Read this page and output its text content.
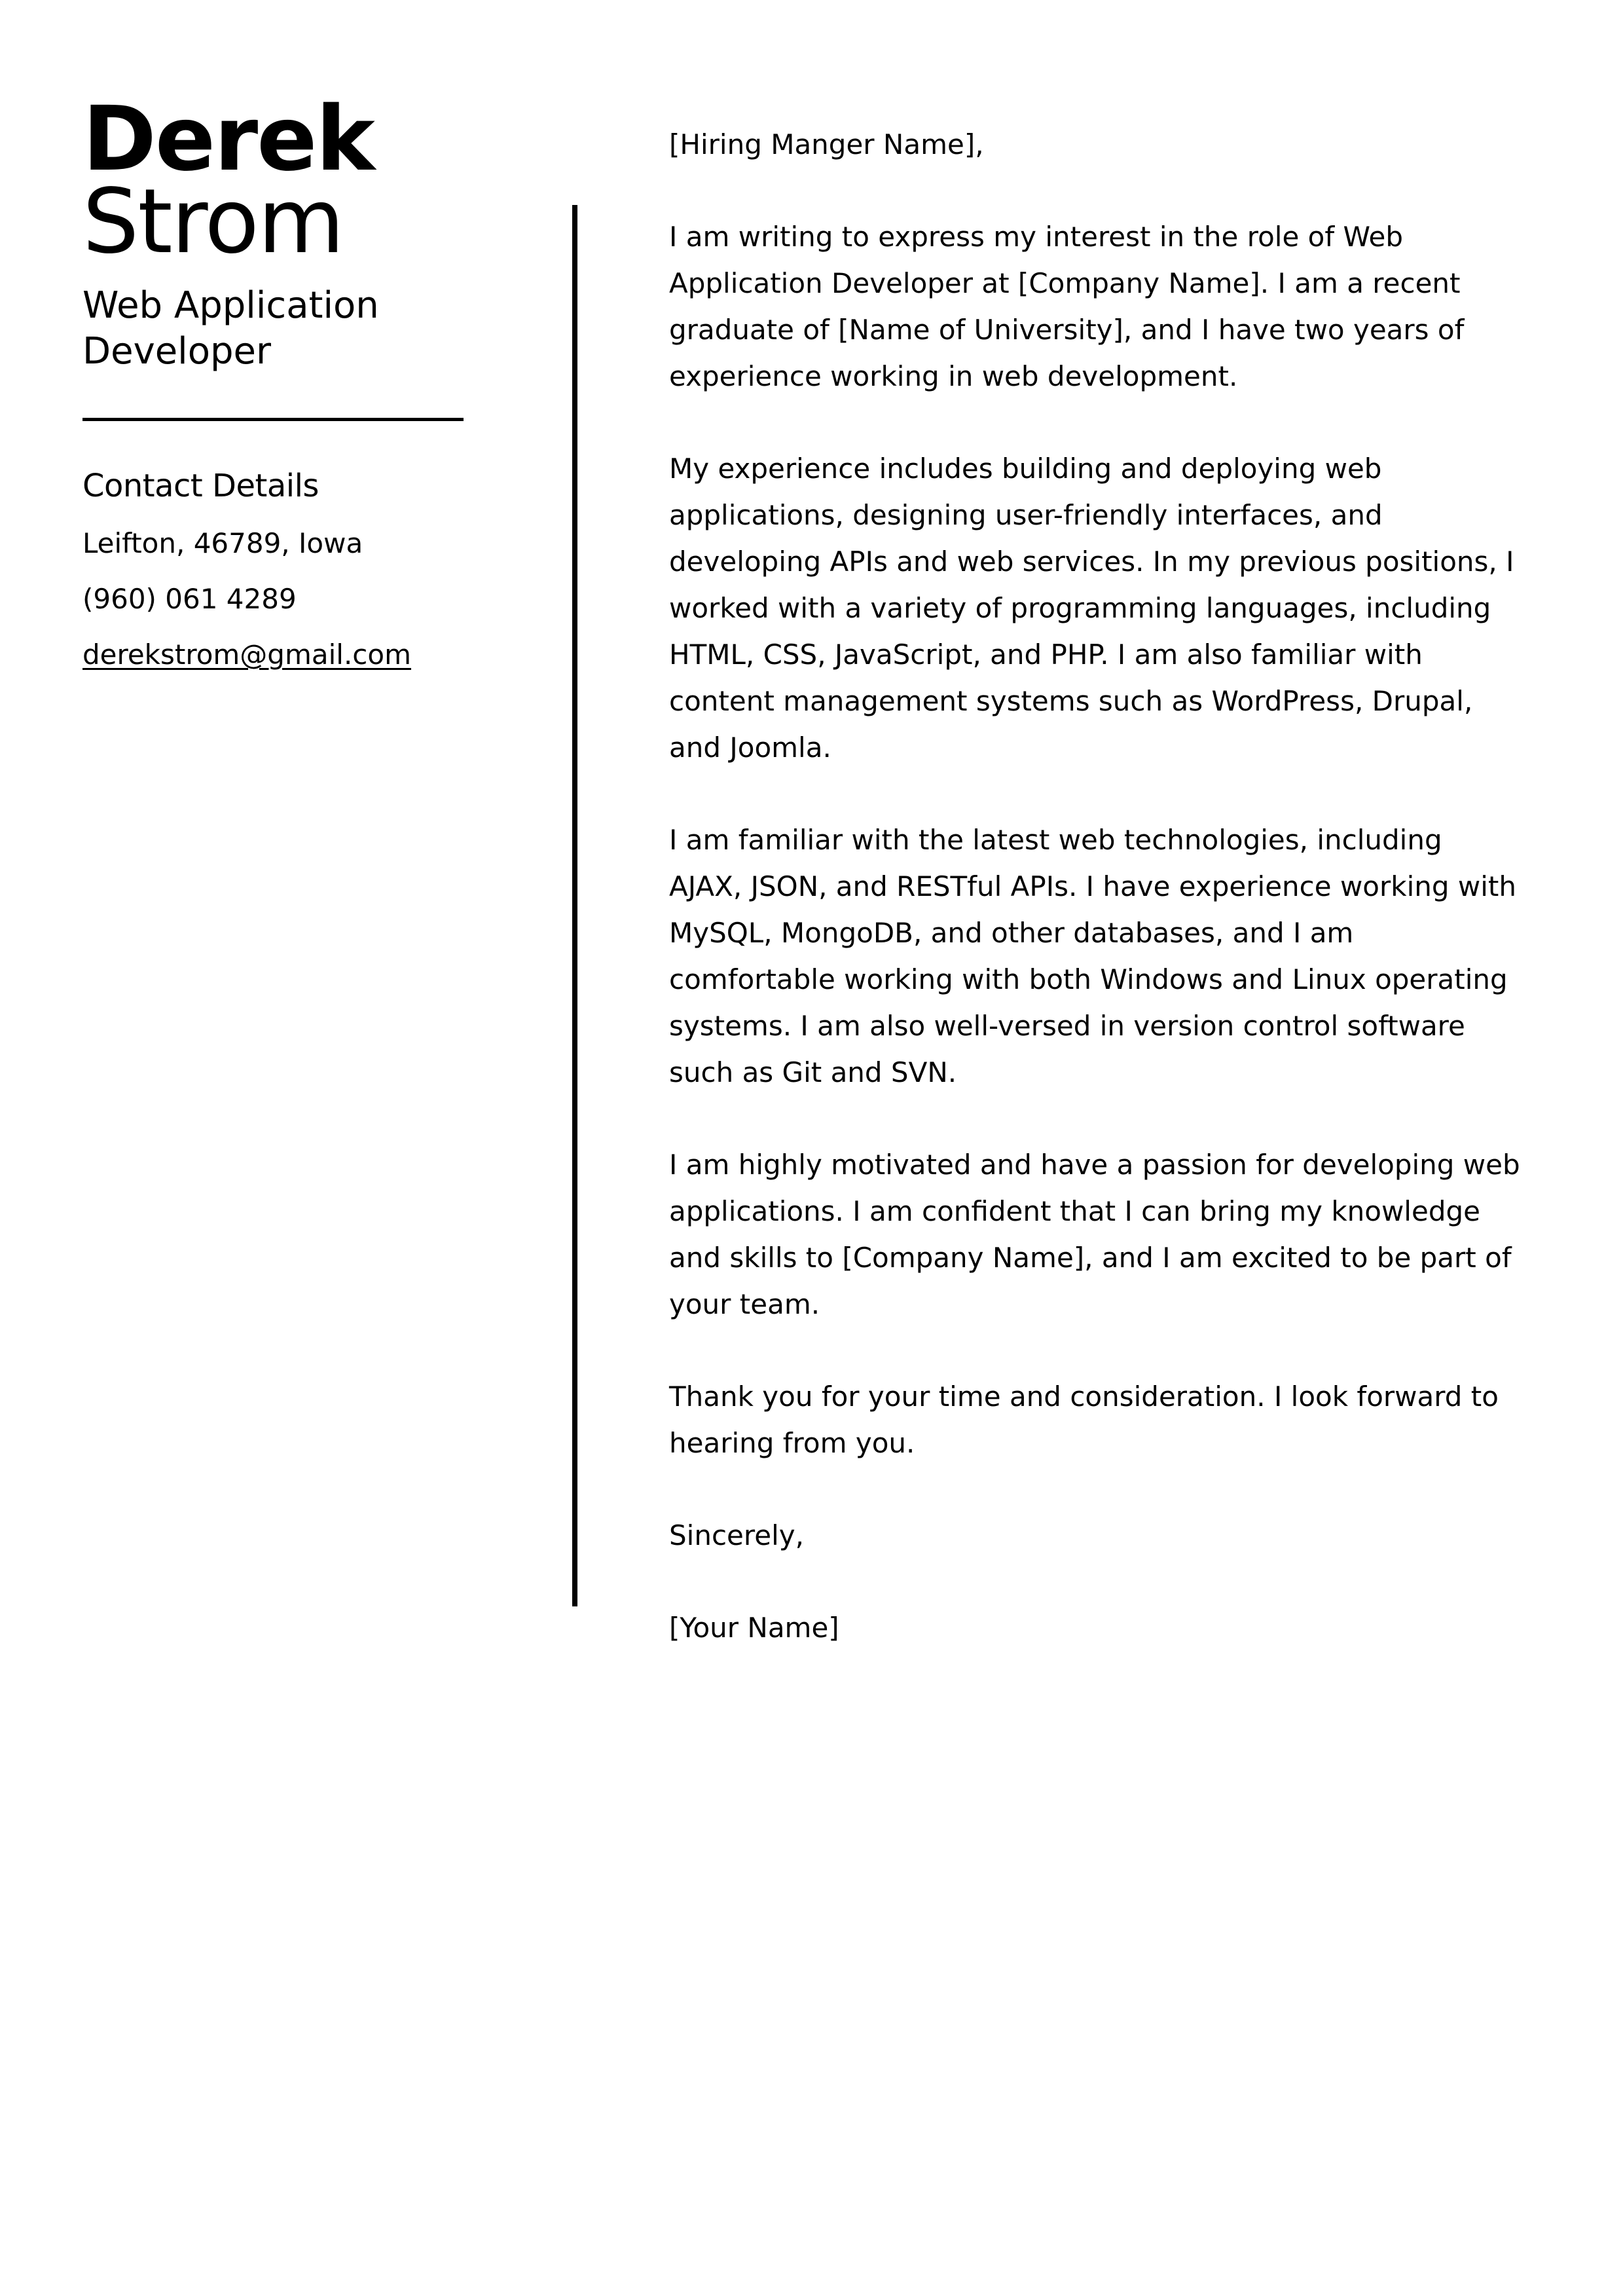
Derek
Strom
Web Application Developer
Contact Details
Leifton, 46789, Iowa
(960) 061 4289
derekstrom@gmail.com

[Hiring Manger Name],

I am writing to express my interest in the role of Web Application Developer at [Company Name]. I am a recent graduate of [Name of University], and I have two years of experience working in web development.

My experience includes building and deploying web applications, designing user-friendly interfaces, and developing APIs and web services. In my previous positions, I worked with a variety of programming languages, including HTML, CSS, JavaScript, and PHP. I am also familiar with content management systems such as WordPress, Drupal, and Joomla.

I am familiar with the latest web technologies, including AJAX, JSON, and RESTful APIs. I have experience working with MySQL, MongoDB, and other databases, and I am comfortable working with both Windows and Linux operating systems. I am also well-versed in version control software such as Git and SVN.

I am highly motivated and have a passion for developing web applications. I am confident that I can bring my knowledge and skills to [Company Name], and I am excited to be part of your team.

Thank you for your time and consideration. I look forward to hearing from you.

Sincerely,

[Your Name]
